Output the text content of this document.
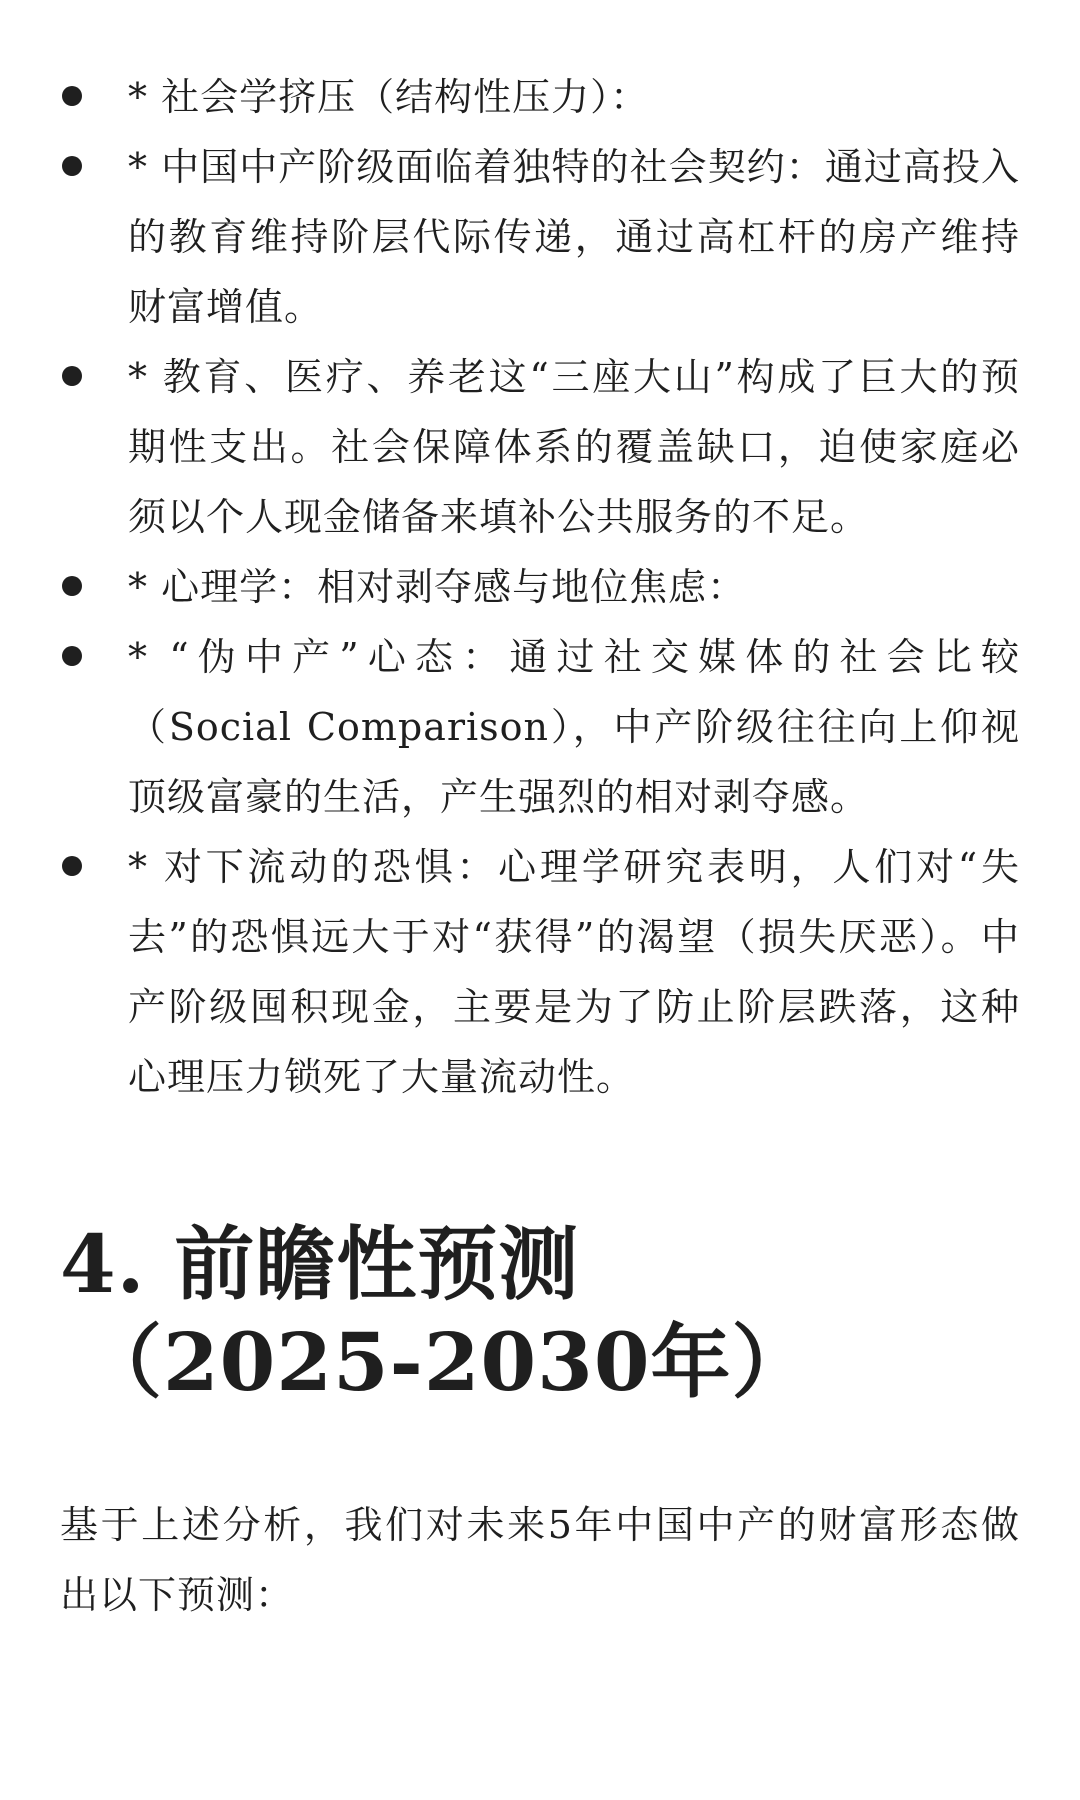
* 社会学挤压（结构性压力）：
* 中国中产阶级面临着独特的社会契约：通过高投入的教育维持阶层代际传递，通过高杠杆的房产维持财富增值。
* 教育、医疗、养老这“三座大山”构成了巨大的预期性支出。社会保障体系的覆盖缺口，迫使家庭必须以个人现金储备来填补公共服务的不足。
* 心理学：相对剥夺感与地位焦虑：
* “伪中产”心态：通过社交媒体的社会比较（Social Comparison），中产阶级往往向上仰视顶级富豪的生活，产生强烈的相对剥夺感。
* 对下流动的恐惧：心理学研究表明，人们对“失去”的恐惧远大于对“获得”的渴望（损失厌恶）。中产阶级囤积现金，主要是为了防止阶层跌落，这种心理压力锁死了大量流动性。
4. 前瞻性预测
（2025-2030年）

基于上述分析，我们对未来5年中国中产的财富形态做出以下预测：
